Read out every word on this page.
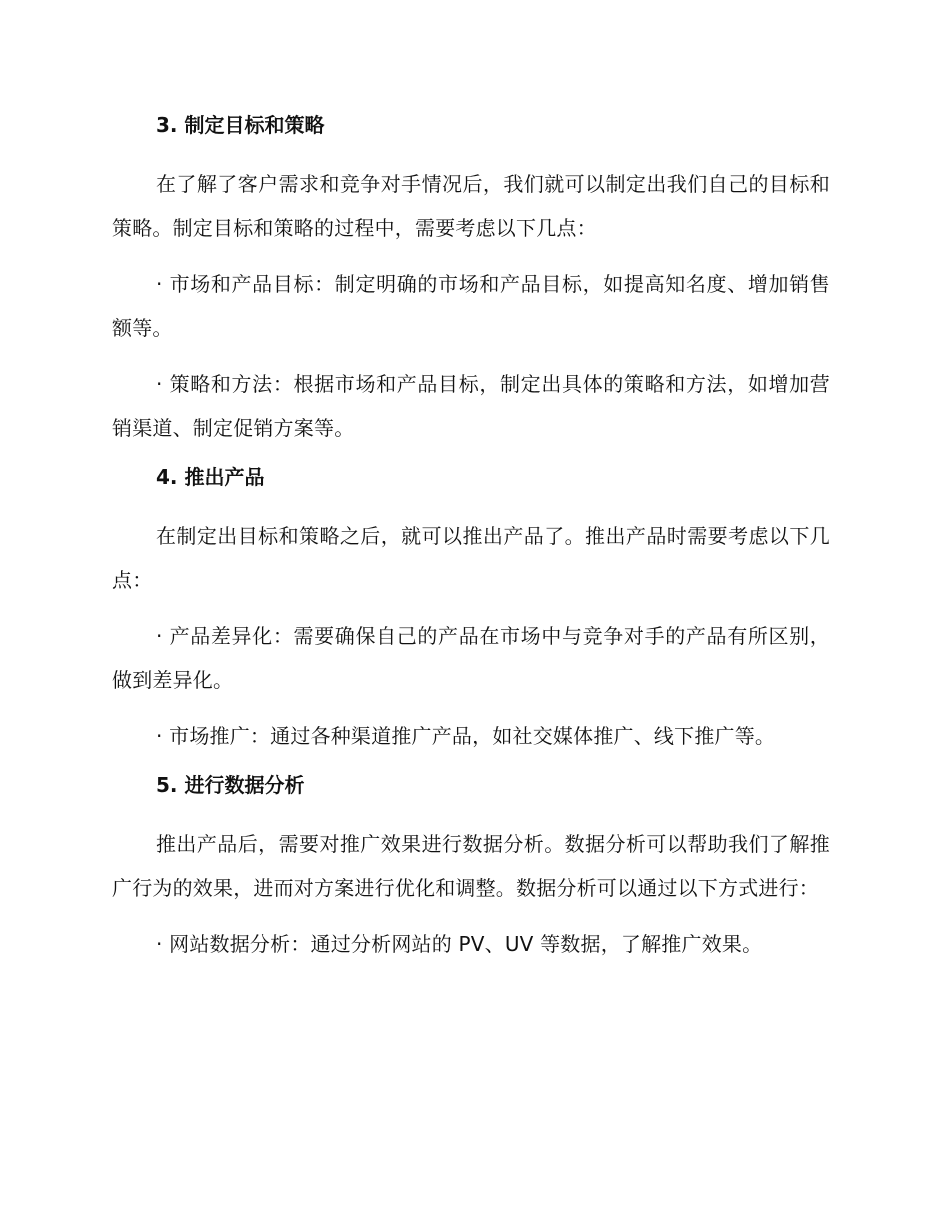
3. 制定目标和策略

在了解了客户需求和竞争对手情况后，我们就可以制定出我们自己的目标和策略。制定目标和策略的过程中，需要考虑以下几点：

· 市场和产品目标：制定明确的市场和产品目标，如提高知名度、增加销售额等。

· 策略和方法：根据市场和产品目标，制定出具体的策略和方法，如增加营销渠道、制定促销方案等。

4. 推出产品

在制定出目标和策略之后，就可以推出产品了。推出产品时需要考虑以下几点：

· 产品差异化：需要确保自己的产品在市场中与竞争对手的产品有所区别，做到差异化。

· 市场推广：通过各种渠道推广产品，如社交媒体推广、线下推广等。

5. 进行数据分析

推出产品后，需要对推广效果进行数据分析。数据分析可以帮助我们了解推广行为的效果，进而对方案进行优化和调整。数据分析可以通过以下方式进行：

· 网站数据分析：通过分析网站的 PV、UV 等数据，了解推广效果。
